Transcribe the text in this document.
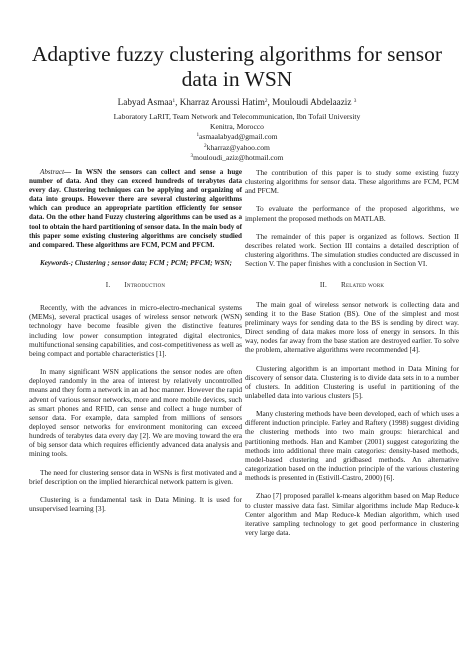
Adaptive fuzzy clustering algorithms for sensor data in WSN
Labyad Asmaa$^1$, Kharraz Aroussi Hatim$^2$, Mouloudi Abdelaaziz $^3$
Laboratory LaRIT, Team Network and Telecommunication, Ibn Tofail University
Kenitra, Morocco
$^1$asmaalabyad@gmail.com
$^2$kharraz@yahoo.com
$^3$mouloudi_aziz@hotmail.com

Abstract— In WSN the sensors can collect and sense a huge number of data. And they can exceed hundreds of terabytes data every day. Clustering techniques can be applying and organizing of data into groups. However there are several clustering algorithms which can produce an appropriate partition efficiently for sensor data. On the other hand Fuzzy clustering algorithms can be used as a tool to obtain the hard partitioning of sensor data. In the main body of this paper some existing clustering algorithms are concisely studied and compared. These algorithms are FCM, PCM and PFCM.

Keywords-; Clustering ; sensor data; FCM ; PCM; PFCM; WSN;

I. Introduction

Recently, with the advances in micro-electro-mechanical systems (MEMs), several practical usages of wireless sensor network (WSN) technology have become feasible given the distinctive features including low power consumption integrated digital electronics, multifunctional sensing capabilities, and cost-competitiveness as well as being compact and portable characteristics [1].

In many significant WSN applications the sensor nodes are often deployed randomly in the area of interest by relatively uncontrolled means and they form a network in an ad hoc manner. However the rapid advent of various sensor networks, more and more mobile devices, such as smart phones and RFID, can sense and collect a huge number of sensor data. For example, data sampled from millions of sensors deployed sensor networks for environment monitoring can exceed hundreds of terabytes data every day [2]. We are moving toward the era of big sensor data which requires efficiently advanced data analysis and mining tools.

The need for clustering sensor data in WSNs is first motivated and a brief description on the implied hierarchical network pattern is given.

Clustering is a fundamental task in Data Mining. It is used for unsupervised learning [3].

The contribution of this paper is to study some existing fuzzy clustering algorithms for sensor data. These algorithms are FCM, PCM and PFCM.

To evaluate the performance of the proposed algorithms, we implement the proposed methods on MATLAB.

The remainder of this paper is organized as follows. Section II describes related work. Section III contains a detailed description of clustering algorithms. The simulation studies conducted are discussed in Section V. The paper finishes with a conclusion in Section VI.

II. Related work

The main goal of wireless sensor network is collecting data and sending it to the Base Station (BS). One of the simplest and most preliminary ways for sending data to the BS is sending by direct way. Direct sending of data makes more loss of energy in sensors. In this way, nodes far away from the base station are destroyed earlier. To solve the problem, alternative algorithms were recommended [4].

Clustering algorithm is an important method in Data Mining for discovery of sensor data. Clustering is to divide data sets in to a number of clusters. In addition Clustering is useful in partitioning of the unlabelled data into various clusters [5].

Many clustering methods have been developed, each of which uses a different induction principle. Farley and Raftery (1998) suggest dividing the clustering methods into two main groups: hierarchical and partitioning methods. Han and Kamber (2001) suggest categorizing the methods into additional three main categories: density-based methods, model-based clustering and gridbased methods. An alternative categorization based on the induction principle of the various clustering methods is presented in (Estivill-Castro, 2000) [6].

Zhao [7] proposed parallel k-means algorithm based on Map Reduce to cluster massive data fast. Similar algorithms include Map Reduce-k Center algorithm and Map Reduce-k Median algorithm, which used iterative sampling technology to get good performance in clustering very large data.
